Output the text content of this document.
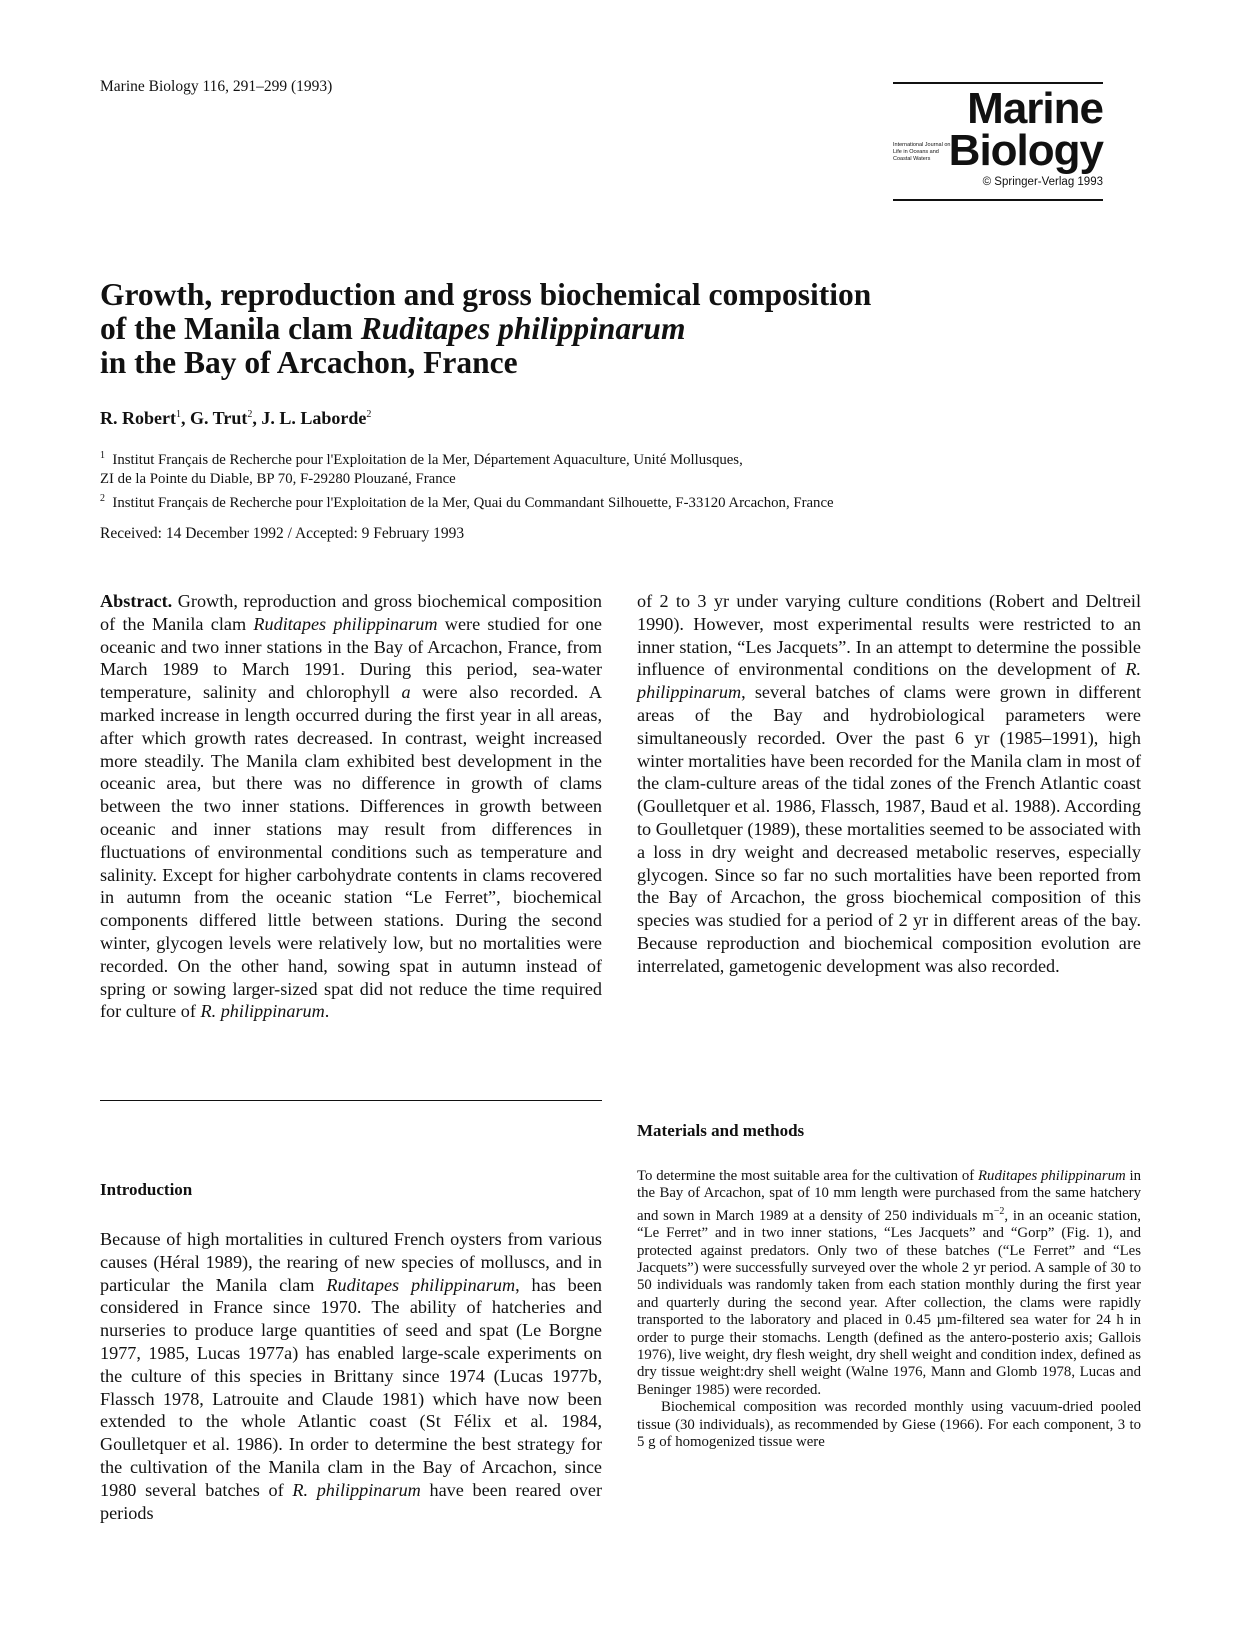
Marine Biology 116, 291–299 (1993)	Marine
Biology
International Journal on Life in Oceans and Coastal Waters
© Springer-Verlag 1993
Growth, reproduction and gross biochemical composition
of the Manila clam Ruditapes philippinarum
in the Bay of Arcachon, France
R. Robert$^1$, G. Trut$^2$, J. L. Laborde$^2$
$^1$ Institut Français de Recherche pour l'Exploitation de la Mer, Département Aquaculture, Unité Mollusques,
ZI de la Pointe du Diable, BP 70, F-29280 Plouzané, France
$^2$ Institut Français de Recherche pour l'Exploitation de la Mer, Quai du Commandant Silhouette, F-33120 Arcachon, France
Received: 14 December 1992 / Accepted: 9 February 1993

Abstract. Growth, reproduction and gross biochemical composition of the Manila clam Ruditapes philippinarum were studied for one oceanic and two inner stations in the Bay of Arcachon, France, from March 1989 to March 1991. During this period, sea-water temperature, salinity and chlorophyll a were also recorded. A marked increase in length occurred during the first year in all areas, after which growth rates decreased. In contrast, weight increased more steadily. The Manila clam exhibited best development in the oceanic area, but there was no difference in growth of clams between the two inner stations. Differences in growth between oceanic and inner stations may result from differences in fluctuations of environmental conditions such as temperature and salinity. Except for higher carbohydrate contents in clams recovered in autumn from the oceanic station “Le Ferret”, biochemical components differed little between stations. During the second winter, glycogen levels were relatively low, but no mortalities were recorded. On the other hand, sowing spat in autumn instead of spring or sowing larger-sized spat did not reduce the time required for culture of R. philippinarum.

Introduction

Because of high mortalities in cultured French oysters from various causes (Héral 1989), the rearing of new species of molluscs, and in particular the Manila clam Ruditapes philippinarum, has been considered in France since 1970. The ability of hatcheries and nurseries to produce large quantities of seed and spat (Le Borgne 1977, 1985, Lucas 1977a) has enabled large-scale experiments on the culture of this species in Brittany since 1974 (Lucas 1977b, Flassch 1978, Latrouite and Claude 1981) which have now been extended to the whole Atlantic coast (St Félix et al. 1984, Goulletquer et al. 1986). In order to determine the best strategy for the cultivation of the Manila clam in the Bay of Arcachon, since 1980 several batches of R. philippinarum have been reared over periods

of 2 to 3 yr under varying culture conditions (Robert and Deltreil 1990). However, most experimental results were restricted to an inner station, “Les Jacquets”. In an attempt to determine the possible influence of environmental conditions on the development of R. philippinarum, several batches of clams were grown in different areas of the Bay and hydrobiological parameters were simultaneously recorded. Over the past 6 yr (1985–1991), high winter mortalities have been recorded for the Manila clam in most of the clam-culture areas of the tidal zones of the French Atlantic coast (Goulletquer et al. 1986, Flassch, 1987, Baud et al. 1988). According to Goulletquer (1989), these mortalities seemed to be associated with a loss in dry weight and decreased metabolic reserves, especially glycogen. Since so far no such mortalities have been reported from the Bay of Arcachon, the gross biochemical composition of this species was studied for a period of 2 yr in different areas of the bay. Because reproduction and biochemical composition evolution are interrelated, gametogenic development was also recorded.

Materials and methods

To determine the most suitable area for the cultivation of Ruditapes philippinarum in the Bay of Arcachon, spat of 10 mm length were purchased from the same hatchery and sown in March 1989 at a density of 250 individuals $m^{-2}$, in an oceanic station, “Le Ferret” and in two inner stations, “Les Jacquets” and “Gorp” (Fig. 1), and protected against predators. Only two of these batches (“Le Ferret” and “Les Jacquets”) were successfully surveyed over the whole 2 yr period. A sample of 30 to 50 individuals was randomly taken from each station monthly during the first year and quarterly during the second year. After collection, the clams were rapidly transported to the laboratory and placed in 0.45 µm-filtered sea water for 24 h in order to purge their stomachs. Length (defined as the antero-posterio axis; Gallois 1976), live weight, dry flesh weight, dry shell weight and condition index, defined as dry tissue weight:dry shell weight (Walne 1976, Mann and Glomb 1978, Lucas and Beninger 1985) were recorded.

Biochemical composition was recorded monthly using vacuum-dried pooled tissue (30 individuals), as recommended by Giese (1966). For each component, 3 to 5 g of homogenized tissue were
